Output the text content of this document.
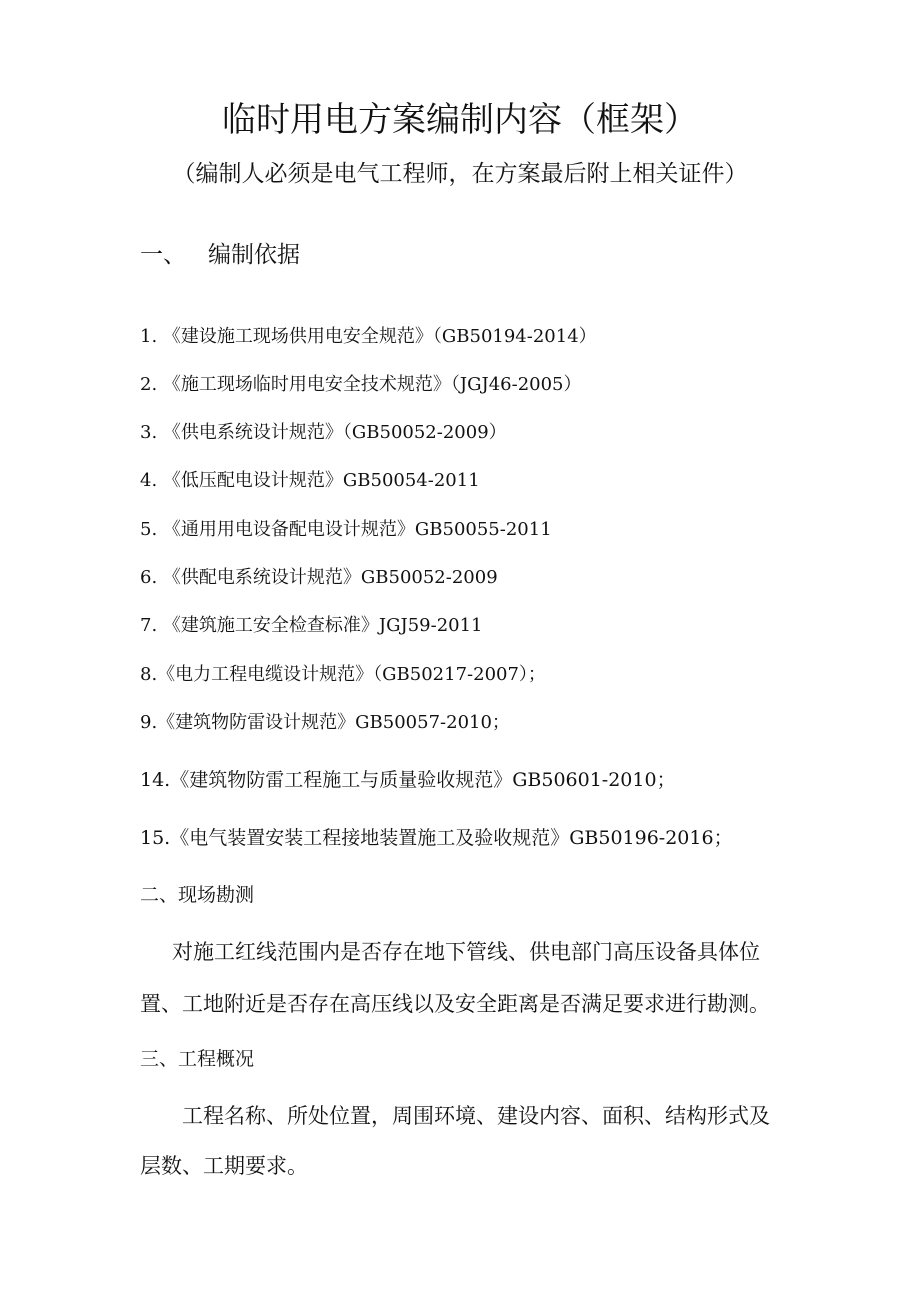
临时用电方案编制内容（框架）
（编制人必须是电气工程师，在方案最后附上相关证件）
一、 编制依据
1. 《建设施工现场供用电安全规范》（GB50194-2014）
2. 《施工现场临时用电安全技术规范》（JGJ46-2005）
3. 《供电系统设计规范》（GB50052-2009）
4. 《低压配电设计规范》GB50054-2011
5. 《通用用电设备配电设计规范》GB50055-2011
6. 《供配电系统设计规范》GB50052-2009
7. 《建筑施工安全检查标准》JGJ59-2011
8.《电力工程电缆设计规范》（GB50217-2007）；
9.《建筑物防雷设计规范》GB50057-2010；
14.《建筑物防雷工程施工与质量验收规范》GB50601-2010；
15.《电气装置安装工程接地装置施工及验收规范》GB50196-2016；
二、现场勘测
对施工红线范围内是否存在地下管线、供电部门高压设备具体位
置、工地附近是否存在高压线以及安全距离是否满足要求进行勘测。
三、工程概况
工程名称、所处位置，周围环境、建设内容、面积、结构形式及
层数、工期要求。
